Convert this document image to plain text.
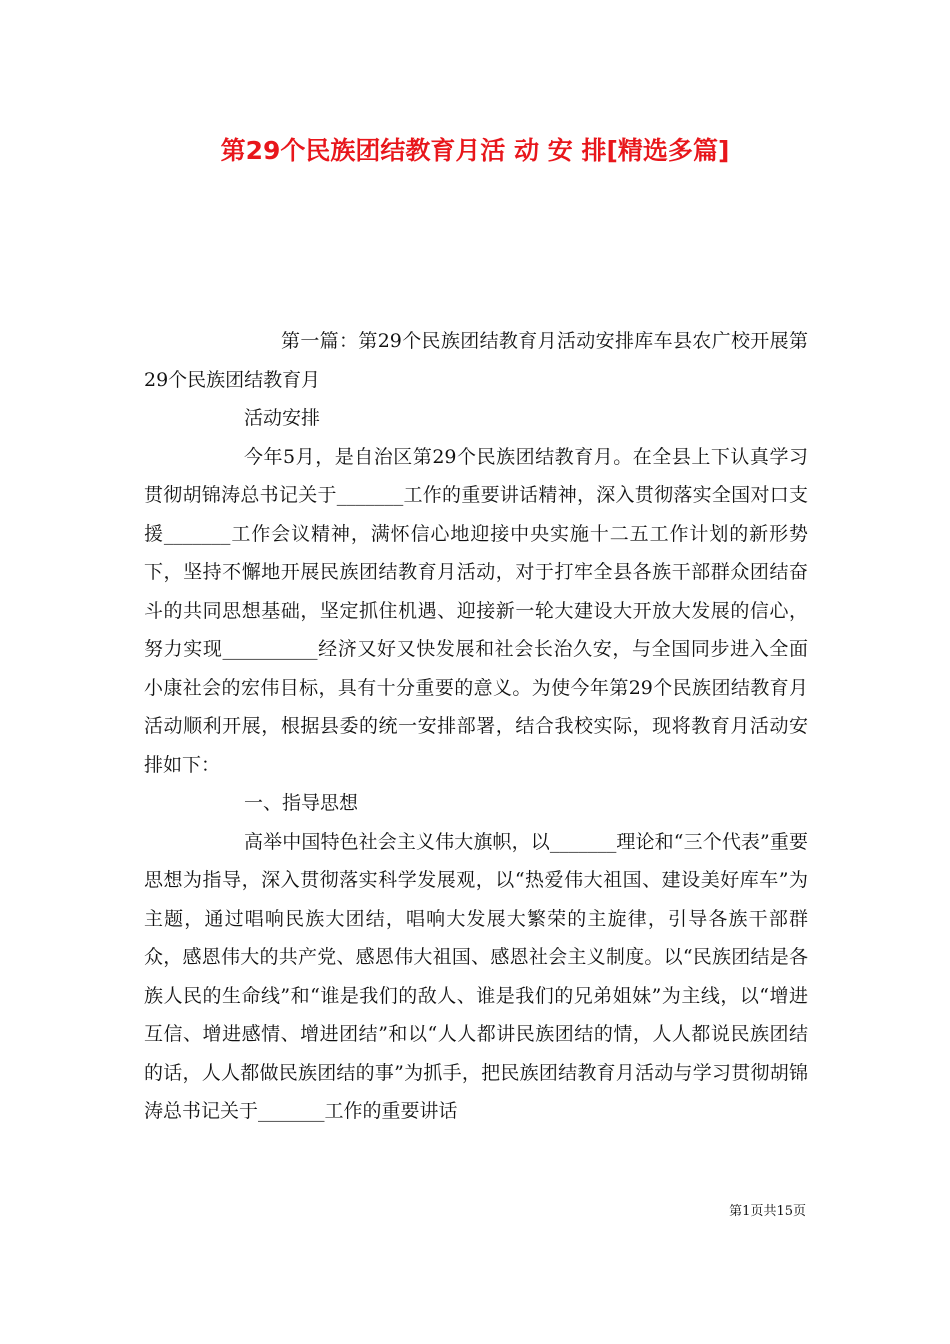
第29个民族团结教育月活 动 安 排[精选多篇]

第一篇：第29个民族团结教育月活动安排库车县农广校开展第29个民族团结教育月

活动安排

今年5月，是自治区第29个民族团结教育月。在全县上下认真学习贯彻胡锦涛总书记关于_______工作的重要讲话精神，深入贯彻落实全国对口支援_______工作会议精神，满怀信心地迎接中央实施十二五工作计划的新形势下，坚持不懈地开展民族团结教育月活动，对于打牢全县各族干部群众团结奋斗的共同思想基础，坚定抓住机遇、迎接新一轮大建设大开放大发展的信心，努力实现__________经济又好又快发展和社会长治久安，与全国同步进入全面小康社会的宏伟目标，具有十分重要的意义。为使今年第29个民族团结教育月活动顺利开展，根据县委的统一安排部署，结合我校实际，现将教育月活动安排如下：

一、指导思想

高举中国特色社会主义伟大旗帜，以_______理论和“三个代表”重要思想为指导，深入贯彻落实科学发展观，以“热爱伟大祖国、建设美好库车”为主题，通过唱响民族大团结，唱响大发展大繁荣的主旋律，引导各族干部群众，感恩伟大的共产党、感恩伟大祖国、感恩社会主义制度。以“民族团结是各族人民的生命线”和“谁是我们的敌人、谁是我们的兄弟姐妹”为主线，以“增进互信、增进感情、增进团结”和以“人人都讲民族团结的情，人人都说民族团结的话，人人都做民族团结的事”为抓手，把民族团结教育月活动与学习贯彻胡锦涛总书记关于_______工作的重要讲话

第1页共15页
